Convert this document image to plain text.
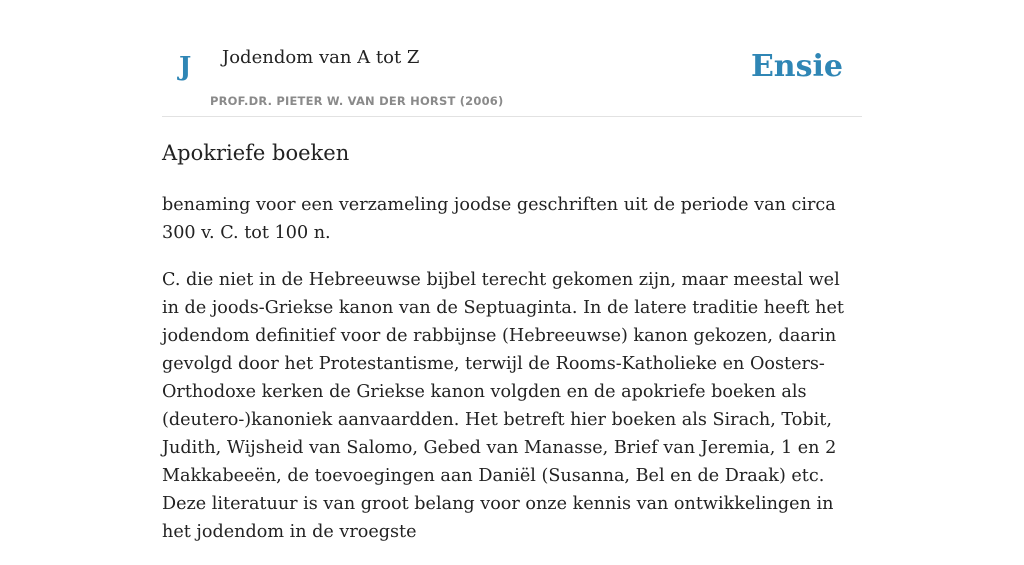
J Jodendom van A tot Z
PROF.DR. PIETER W. VAN DER HORST (2006)
Ensie
Apokriefe boeken

benaming voor een verzameling joodse geschriften uit de periode van circa 300 v. C. tot 100 n.

C. die niet in de Hebreeuwse bijbel terecht gekomen zijn, maar meestal wel in de joods-Griekse kanon van de Septuaginta. In de latere traditie heeft het jodendom definitief voor de rabbijnse (Hebreeuwse) kanon gekozen, daarin gevolgd door het Protestantisme, terwijl de Rooms-Katholieke en Oosters-Orthodoxe kerken de Griekse kanon volgden en de apokriefe boeken als (deutero-)kanoniek aanvaardden. Het betreft hier boeken als Sirach, Tobit, Judith, Wijsheid van Salomo, Gebed van Manasse, Brief van Jeremia, 1 en 2 Makkabeeën, de toevoegingen aan Daniël (Susanna, Bel en de Draak) etc. Deze literatuur is van groot belang voor onze kennis van ontwikkelingen in het jodendom in de vroegste
